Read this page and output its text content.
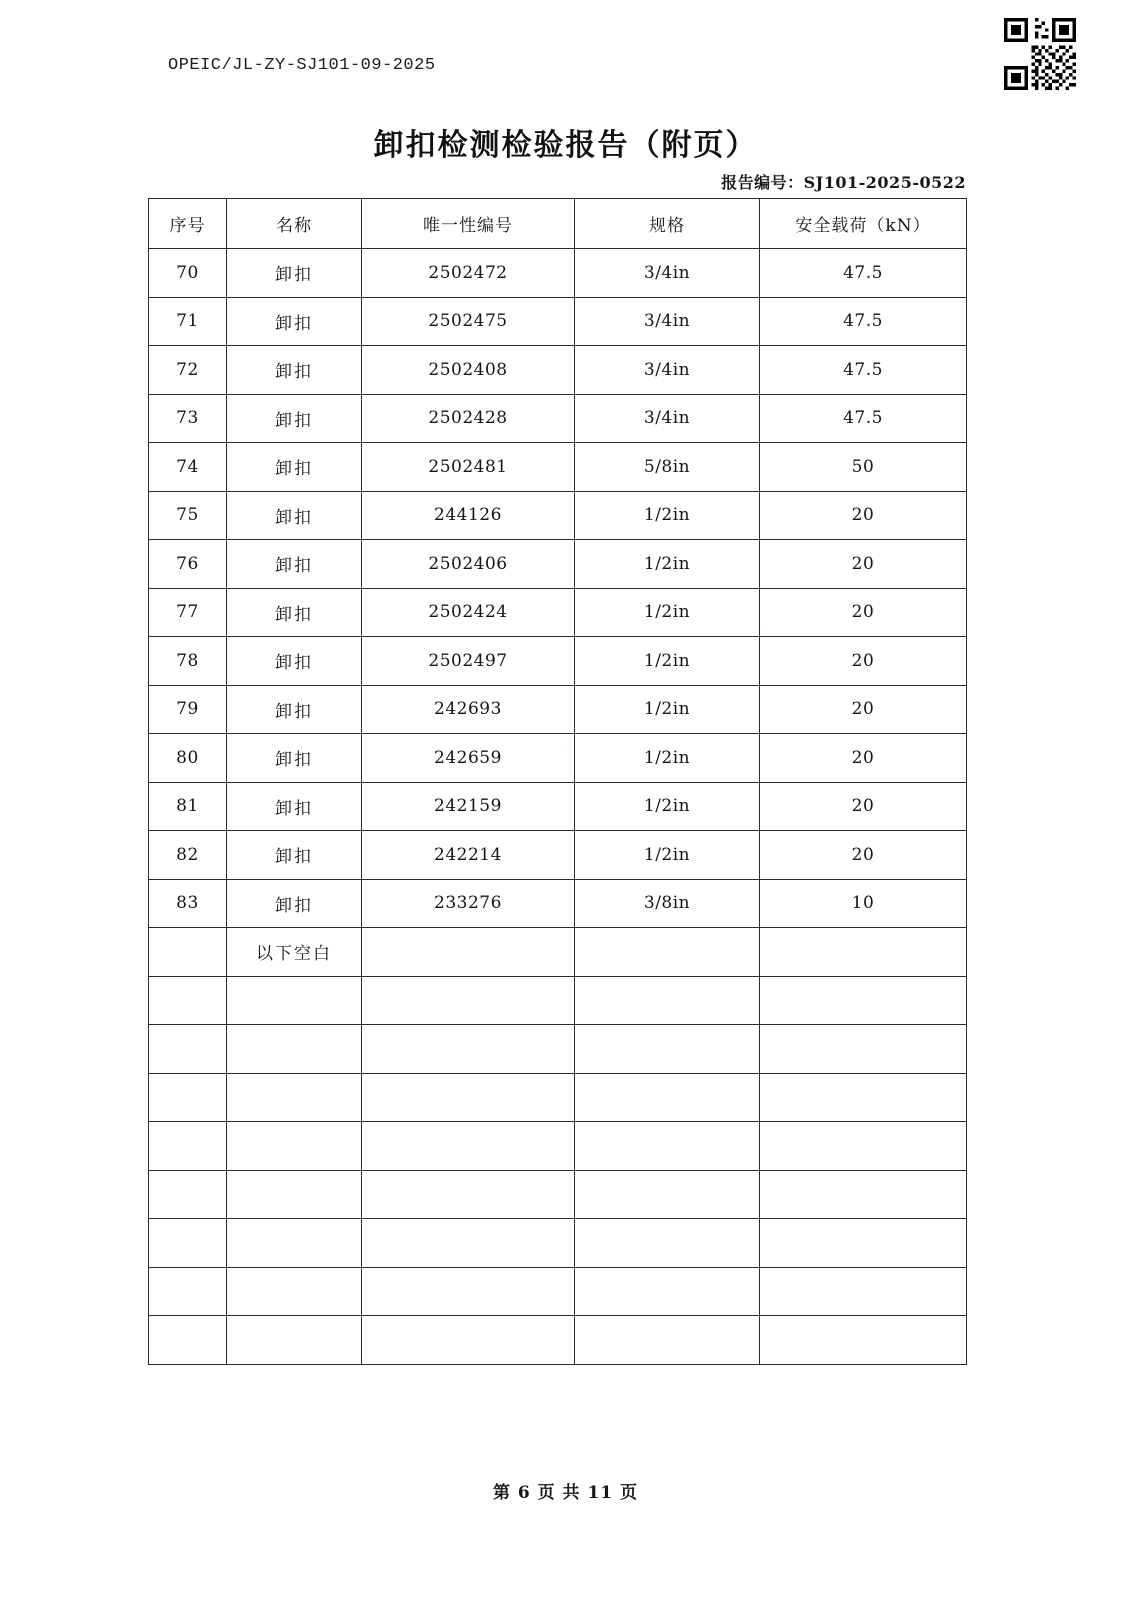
OPEIC/JL-ZY-SJ101-09-2025
卸扣检测检验报告（附页）
报告编号：SJ101-2025-0522
·
·
序号	名称	唯一性编号	规格	安全载荷（kN）
70	卸扣	2502472	3/4in	47.5
71	卸扣	2502475	3/4in	47.5
72	卸扣	2502408	3/4in	47.5
73	卸扣	2502428	3/4in	47.5
74	卸扣	2502481	5/8in	50
75	卸扣	244126	1/2in	20
76	卸扣	2502406	1/2in	20
77	卸扣	2502424	1/2in	20
78	卸扣	2502497	1/2in	20
79	卸扣	242693	1/2in	20
80	卸扣	242659	1/2in	20
81	卸扣	242159	1/2in	20
82	卸扣	242214	1/2in	20
83	卸扣	233276	3/8in	10
	以下空白			

第 6 页 共 11 页
